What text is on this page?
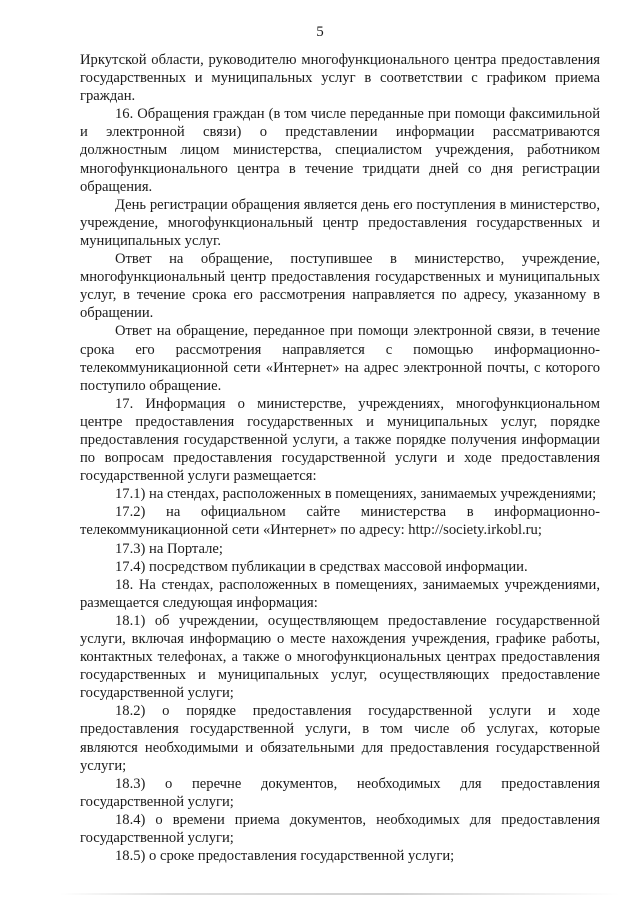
5

Иркутской области, руководителю многофункционального центра предоставления государственных и муниципальных услуг в соответствии с графиком приема граждан.

16. Обращения граждан (в том числе переданные при помощи факсимильной и электронной связи) о представлении информации рассматриваются должностным лицом министерства, специалистом учреждения, работником многофункционального центра в течение тридцати дней со дня регистрации обращения.

День регистрации обращения является день его поступления в министерство, учреждение, многофункциональный центр предоставления государственных и муниципальных услуг.

Ответ на обращение, поступившее в министерство, учреждение, многофункциональный центр предоставления государственных и муниципальных услуг, в течение срока его рассмотрения направляется по адресу, указанному в обращении.

Ответ на обращение, переданное при помощи электронной связи, в течение срока его рассмотрения направляется с помощью информационно-телекоммуникационной сети «Интернет» на адрес электронной почты, с которого поступило обращение.

17. Информация о министерстве, учреждениях, многофункциональном центре предоставления государственных и муниципальных услуг, порядке предоставления государственной услуги, а также порядке получения информации по вопросам предоставления государственной услуги и ходе предоставления государственной услуги размещается:

17.1) на стендах, расположенных в помещениях, занимаемых учреждениями;

17.2) на официальном сайте министерства в информационно-телекоммуникационной сети «Интернет» по адресу: http://society.irkobl.ru;

17.3) на Портале;

17.4) посредством публикации в средствах массовой информации.

18. На стендах, расположенных в помещениях, занимаемых учреждениями, размещается следующая информация:

18.1) об учреждении, осуществляющем предоставление государственной услуги, включая информацию о месте нахождения учреждения, графике работы, контактных телефонах, а также о многофункциональных центрах предоставления государственных и муниципальных услуг, осуществляющих предоставление государственной услуги;

18.2) о порядке предоставления государственной услуги и ходе предоставления государственной услуги, в том числе об услугах, которые являются необходимыми и обязательными для предоставления государственной услуги;

18.3) о перечне документов, необходимых для предоставления государственной услуги;

18.4) о времени приема документов, необходимых для предоставления государственной услуги;

18.5) о сроке предоставления государственной услуги;
